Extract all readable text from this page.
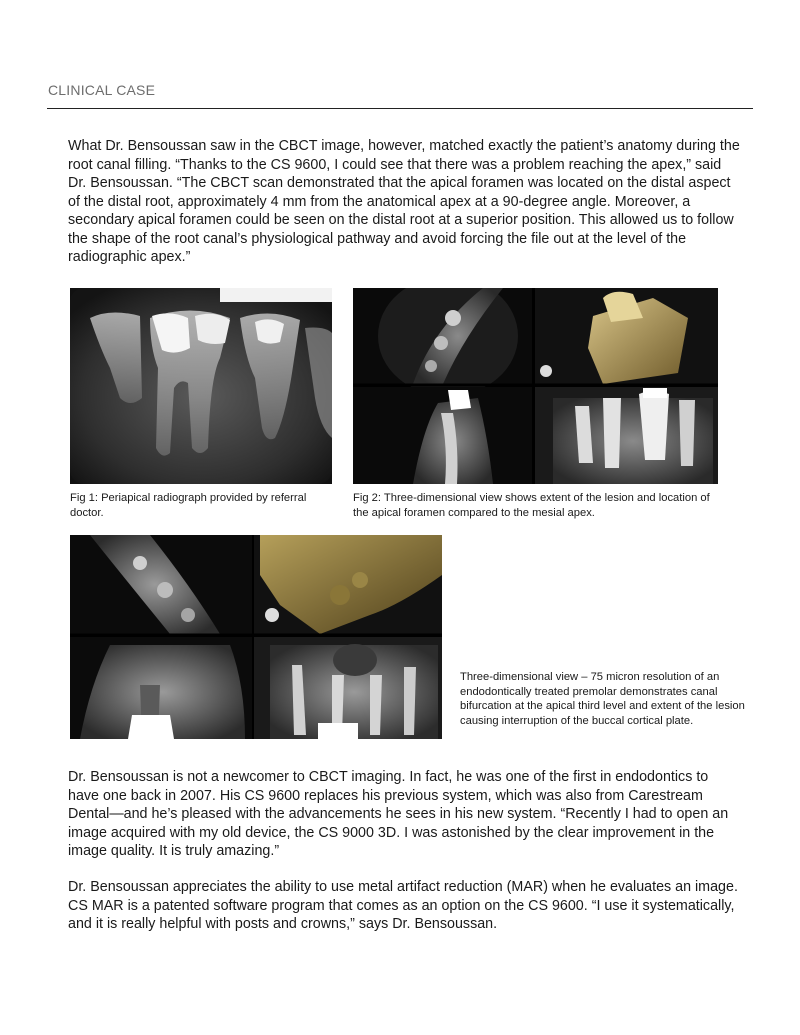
CLINICAL CASE

What Dr. Bensoussan saw in the CBCT image, however, matched exactly the patient’s anatomy during the root canal filling. “Thanks to the CS 9600, I could see that there was a problem reaching the apex,” said Dr. Bensoussan. “The CBCT scan demonstrated that the apical foramen was located on the distal aspect of the distal root, approximately 4 mm from the anatomical apex at a 90-degree angle. Moreover, a secondary apical foramen could be seen on the distal root at a superior position. This allowed us to follow the shape of the root canal’s physiological pathway and avoid forcing the file out at the level of the radiographic apex.”

Fig 1: Periapical radiograph provided by referral doctor.
Fig 2: Three-dimensional view shows extent of the lesion and location of the apical foramen compared to the mesial apex.
Three-dimensional view – 75 micron resolution of an endodontically treated premolar demonstrates canal bifurcation at the apical third level and extent of the lesion causing interruption of the buccal cortical plate.

Dr. Bensoussan is not a newcomer to CBCT imaging. In fact, he was one of the first in endodontics to have one back in 2007. His CS 9600 replaces his previous system, which was also from Carestream Dental—and he’s pleased with the advancements he sees in his new system. “Recently I had to open an image acquired with my old device, the CS 9000 3D. I was astonished by the clear improvement in the image quality. It is truly amazing.”

Dr. Bensoussan appreciates the ability to use metal artifact reduction (MAR) when he evaluates an image. CS MAR is a patented software program that comes as an option on the CS 9600. “I use it systematically, and it is really helpful with posts and crowns,” says Dr. Bensoussan.
